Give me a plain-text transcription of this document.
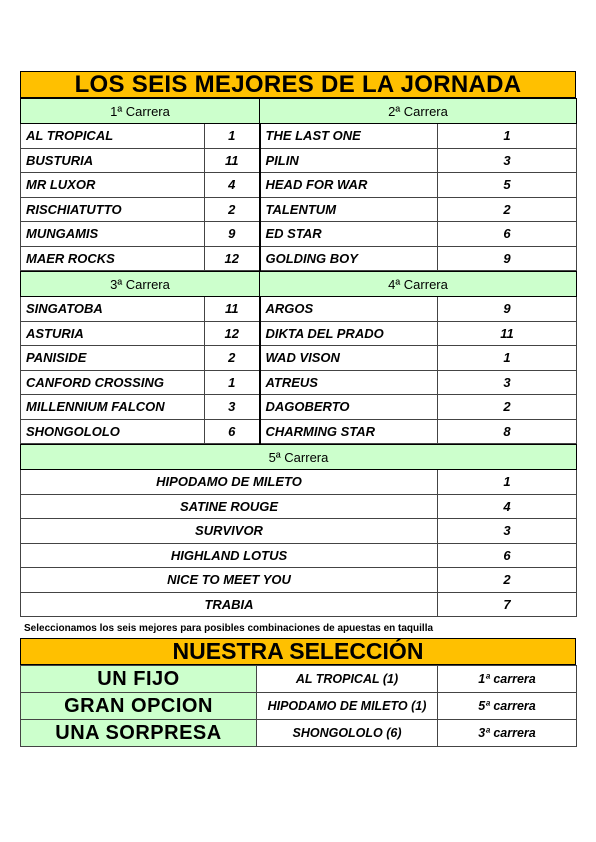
LOS SEIS MEJORES DE LA JORNADA
1ª Carrera		2ª Carrera	
AL TROPICAL	1	THE LAST ONE	1
BUSTURIA	11	PILIN	3
MR LUXOR	4	HEAD FOR WAR	5
RISCHIATUTTO	2	TALENTUM	2
MUNGAMIS	9	ED STAR	6
MAER ROCKS	12	GOLDING BOY	9
3ª Carrera		4ª Carrera	
SINGATOBA	11	ARGOS	9
ASTURIA	12	DIKTA DEL PRADO	11
PANISIDE	2	WAD VISON	1
CANFORD CROSSING	1	ATREUS	3
MILLENNIUM FALCON	3	DAGOBERTO	2
SHONGOLOLO	6	CHARMING STAR	8
5ª Carrera	
HIPODAMO DE MILETO	1
SATINE ROUGE	4
SURVIVOR	3
HIGHLAND LOTUS	6
NICE TO MEET YOU	2
TRABIA	7
Seleccionamos los seis mejores para posibles combinaciones de apuestas en taquilla
NUESTRA SELECCIÓN
UN FIJO	AL TROPICAL (1)	1ª carrera
GRAN OPCION	HIPODAMO DE MILETO (1)	5ª carrera
UNA SORPRESA	SHONGOLOLO (6)	3ª carrera
